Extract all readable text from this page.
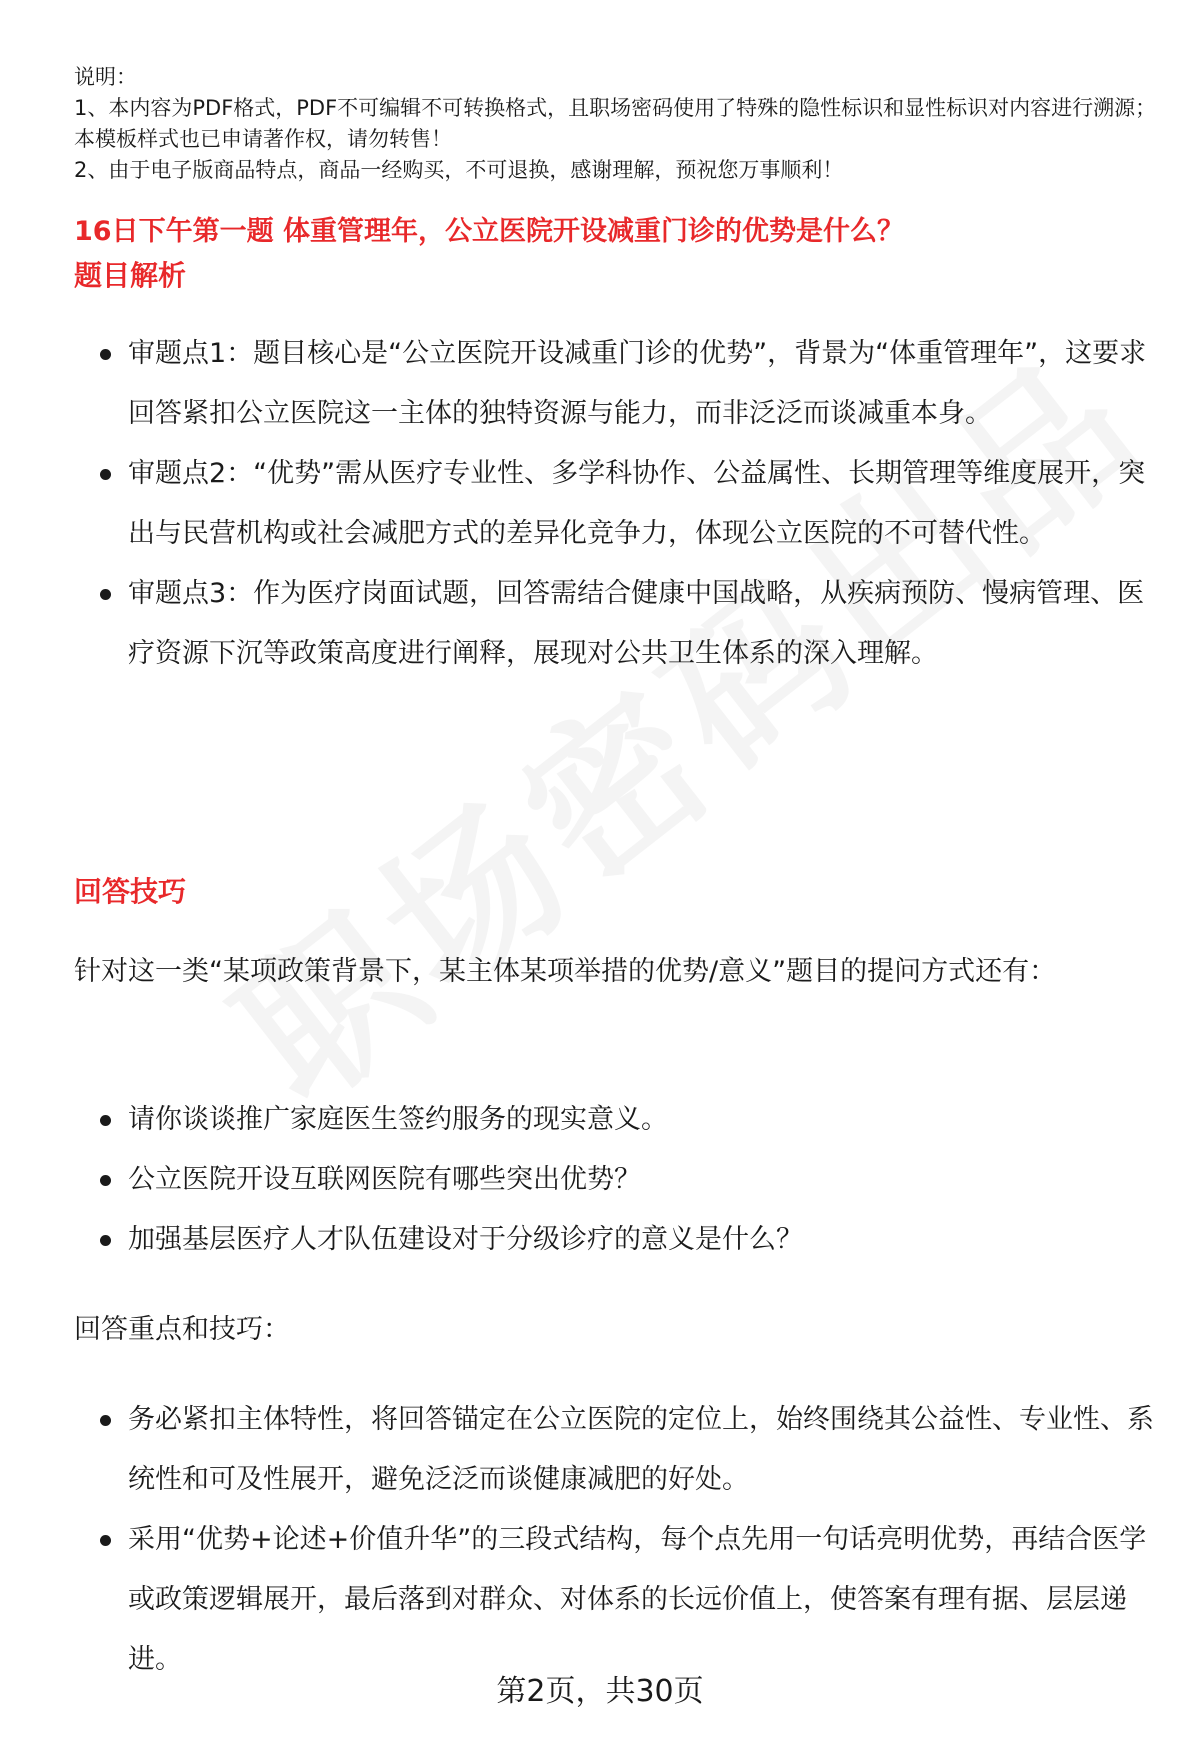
说明：

1、本内容为PDF格式，PDF不可编辑不可转换格式，且职场密码使用了特殊的隐性标识和显性标识对内容进行溯源；本模板样式也已申请著作权，请勿转售！

2、由于电子版商品特点，商品一经购买，不可退换，感谢理解，预祝您万事顺利！

16日下午第一题 体重管理年，公立医院开设减重门诊的优势是什么？
题目解析
审题点1：题目核心是“公立医院开设减重门诊的优势”，背景为“体重管理年”，这要求回答紧扣公立医院这一主体的独特资源与能力，而非泛泛而谈减重本身。
审题点2：“优势”需从医疗专业性、多学科协作、公益属性、长期管理等维度展开，突出与民营机构或社会减肥方式的差异化竞争力，体现公立医院的不可替代性。
审题点3：作为医疗岗面试题，回答需结合健康中国战略，从疾病预防、慢病管理、医疗资源下沉等政策高度进行阐释，展现对公共卫生体系的深入理解。
回答技巧

针对这一类“某项政策背景下，某主体某项举措的优势/意义”题目的提问方式还有：

请你谈谈推广家庭医生签约服务的现实意义。
公立医院开设互联网医院有哪些突出优势？
加强基层医疗人才队伍建设对于分级诊疗的意义是什么？

回答重点和技巧：

务必紧扣主体特性，将回答锚定在公立医院的定位上，始终围绕其公益性、专业性、系统性和可及性展开，避免泛泛而谈健康减肥的好处。
采用“优势+论述+价值升华”的三段式结构，每个点先用一句话亮明优势，再结合医学或政策逻辑展开，最后落到对群众、对体系的长远价值上，使答案有理有据、层层递进。
第2页，共30页
